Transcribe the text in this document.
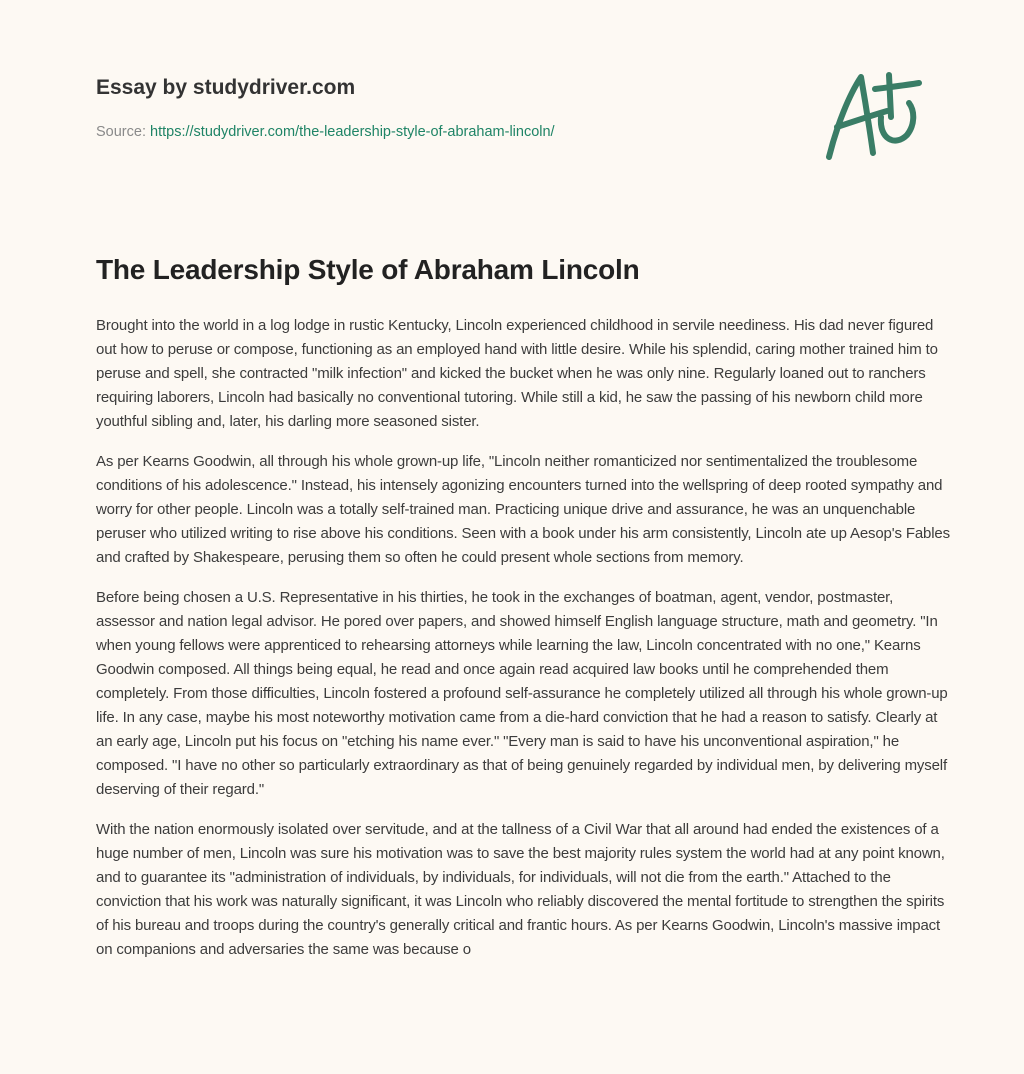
Essay by studydriver.com
Source: https://studydriver.com/the-leadership-style-of-abraham-lincoln/
The Leadership Style of Abraham Lincoln

Brought into the world in a log lodge in rustic Kentucky, Lincoln experienced childhood in servile neediness. His dad never figured out how to peruse or compose, functioning as an employed hand with little desire. While his splendid, caring mother trained him to peruse and spell, she contracted "milk infection" and kicked the bucket when he was only nine. Regularly loaned out to ranchers requiring laborers, Lincoln had basically no conventional tutoring. While still a kid, he saw the passing of his newborn child more youthful sibling and, later, his darling more seasoned sister.

As per Kearns Goodwin, all through his whole grown-up life, "Lincoln neither romanticized nor sentimentalized the troublesome conditions of his adolescence." Instead, his intensely agonizing encounters turned into the wellspring of deep rooted sympathy and worry for other people. Lincoln was a totally self-trained man. Practicing unique drive and assurance, he was an unquenchable peruser who utilized writing to rise above his conditions. Seen with a book under his arm consistently, Lincoln ate up Aesop's Fables and crafted by Shakespeare, perusing them so often he could present whole sections from memory.

Before being chosen a U.S. Representative in his thirties, he took in the exchanges of boatman, agent, vendor, postmaster, assessor and nation legal advisor. He pored over papers, and showed himself English language structure, math and geometry. "In when young fellows were apprenticed to rehearsing attorneys while learning the law, Lincoln concentrated with no one," Kearns Goodwin composed. All things being equal, he read and once again read acquired law books until he comprehended them completely. From those difficulties, Lincoln fostered a profound self-assurance he completely utilized all through his whole grown-up life. In any case, maybe his most noteworthy motivation came from a die-hard conviction that he had a reason to satisfy. Clearly at an early age, Lincoln put his focus on "etching his name ever." "Every man is said to have his unconventional aspiration," he composed. "I have no other so particularly extraordinary as that of being genuinely regarded by individual men, by delivering myself deserving of their regard."

With the nation enormously isolated over servitude, and at the tallness of a Civil War that all around had ended the existences of a huge number of men, Lincoln was sure his motivation was to save the best majority rules system the world had at any point known, and to guarantee its "administration of individuals, by individuals, for individuals, will not die from the earth." Attached to the conviction that his work was naturally significant, it was Lincoln who reliably discovered the mental fortitude to strengthen the spirits of his bureau and troops during the country's generally critical and frantic hours. As per Kearns Goodwin, Lincoln's massive impact on companions and adversaries the same was because o
